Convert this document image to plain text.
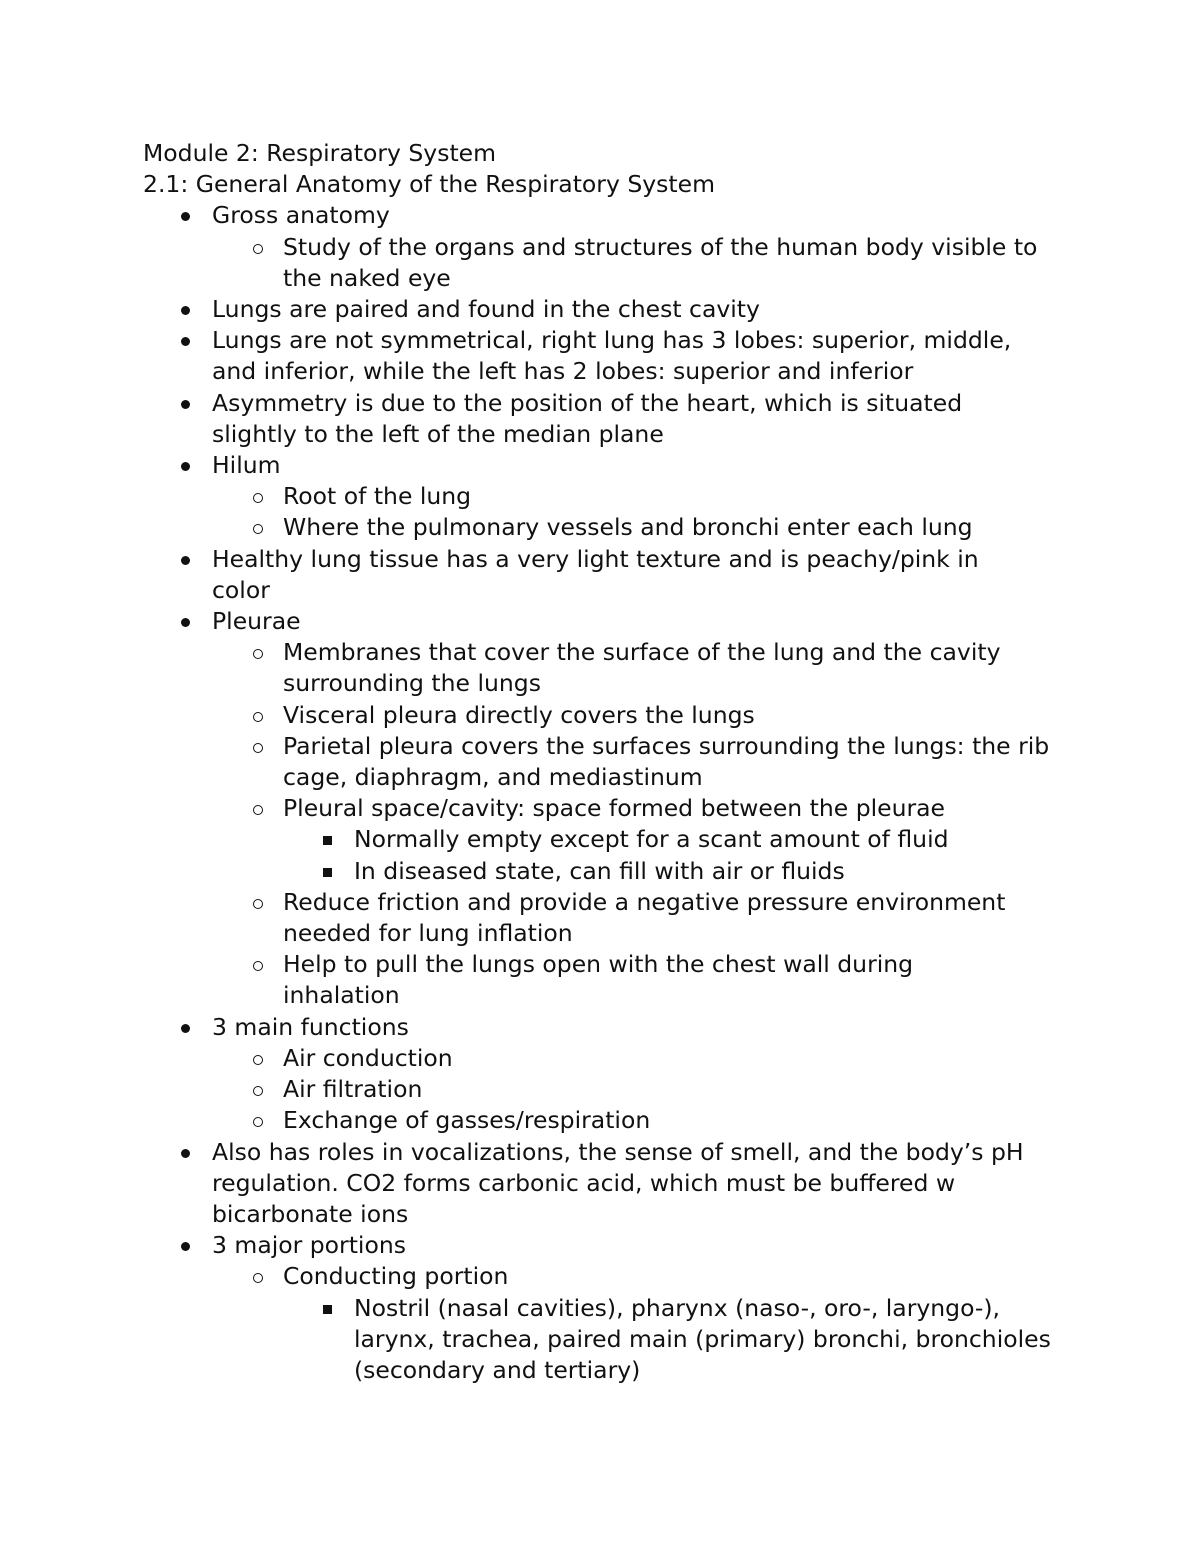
Module 2: Respiratory System
2.1: General Anatomy of the Respiratory System
Gross anatomy
Study of the organs and structures of the human body visible to the naked eye
Lungs are paired and found in the chest cavity
Lungs are not symmetrical, right lung has 3 lobes: superior, middle, and inferior, while the left has 2 lobes: superior and inferior
Asymmetry is due to the position of the heart, which is situated slightly to the left of the median plane
Hilum
Root of the lung
Where the pulmonary vessels and bronchi enter each lung
Healthy lung tissue has a very light texture and is peachy/pink in color
Pleurae
Membranes that cover the surface of the lung and the cavity surrounding the lungs
Visceral pleura directly covers the lungs
Parietal pleura covers the surfaces surrounding the lungs: the rib cage, diaphragm, and mediastinum
Pleural space/cavity: space formed between the pleurae
Normally empty except for a scant amount of fluid
In diseased state, can fill with air or fluids
Reduce friction and provide a negative pressure environment needed for lung inflation
Help to pull the lungs open with the chest wall during inhalation
3 main functions
Air conduction
Air filtration
Exchange of gasses/respiration
Also has roles in vocalizations, the sense of smell, and the body’s pH regulation. CO2 forms carbonic acid, which must be buffered w bicarbonate ions
3 major portions
Conducting portion
Nostril (nasal cavities), pharynx (naso-, oro-, laryngo-), larynx, trachea, paired main (primary) bronchi, bronchioles (secondary and tertiary)
